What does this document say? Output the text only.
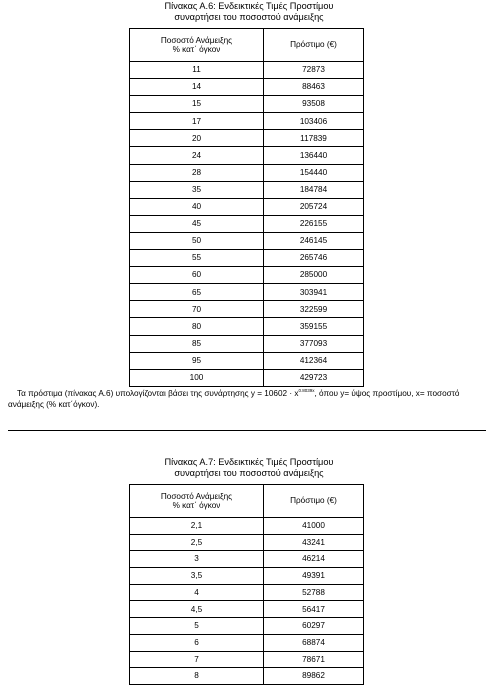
Πίνακας Α.6: Ενδεικτικές Τιμές Προστίμου
συναρτήσει του ποσοστού ανάμειξης
Ποσοστό Ανάμειξης
% κατ΄ όγκον	Πρόστιμο (€)
11	72873
14	88463
15	93508
17	103406
20	117839
24	136440
28	154440
35	184784
40	205724
45	226155
50	246145
55	265746
60	285000
65	303941
70	322599
80	359155
85	377093
95	412364
100	429723
Τα πρόστιμα (πίνακας Α.6) υπολογίζονται βάσει της συνάρτησης $y = 10602 \cdot x^{0.8039x}$, όπου y= ύψος προστίμου, x= ποσοστό ανάμειξης (% κατ΄όγκον).
Πίνακας Α.7: Ενδεικτικές Τιμές Προστίμου
συναρτήσει του ποσοστού ανάμειξης
Ποσοστό Ανάμειξης
% κατ΄ όγκον	Πρόστιμο (€)
2,1	41000
2,5	43241
3	46214
3,5	49391
4	52788
4,5	56417
5	60297
6	68874
7	78671
8	89862
